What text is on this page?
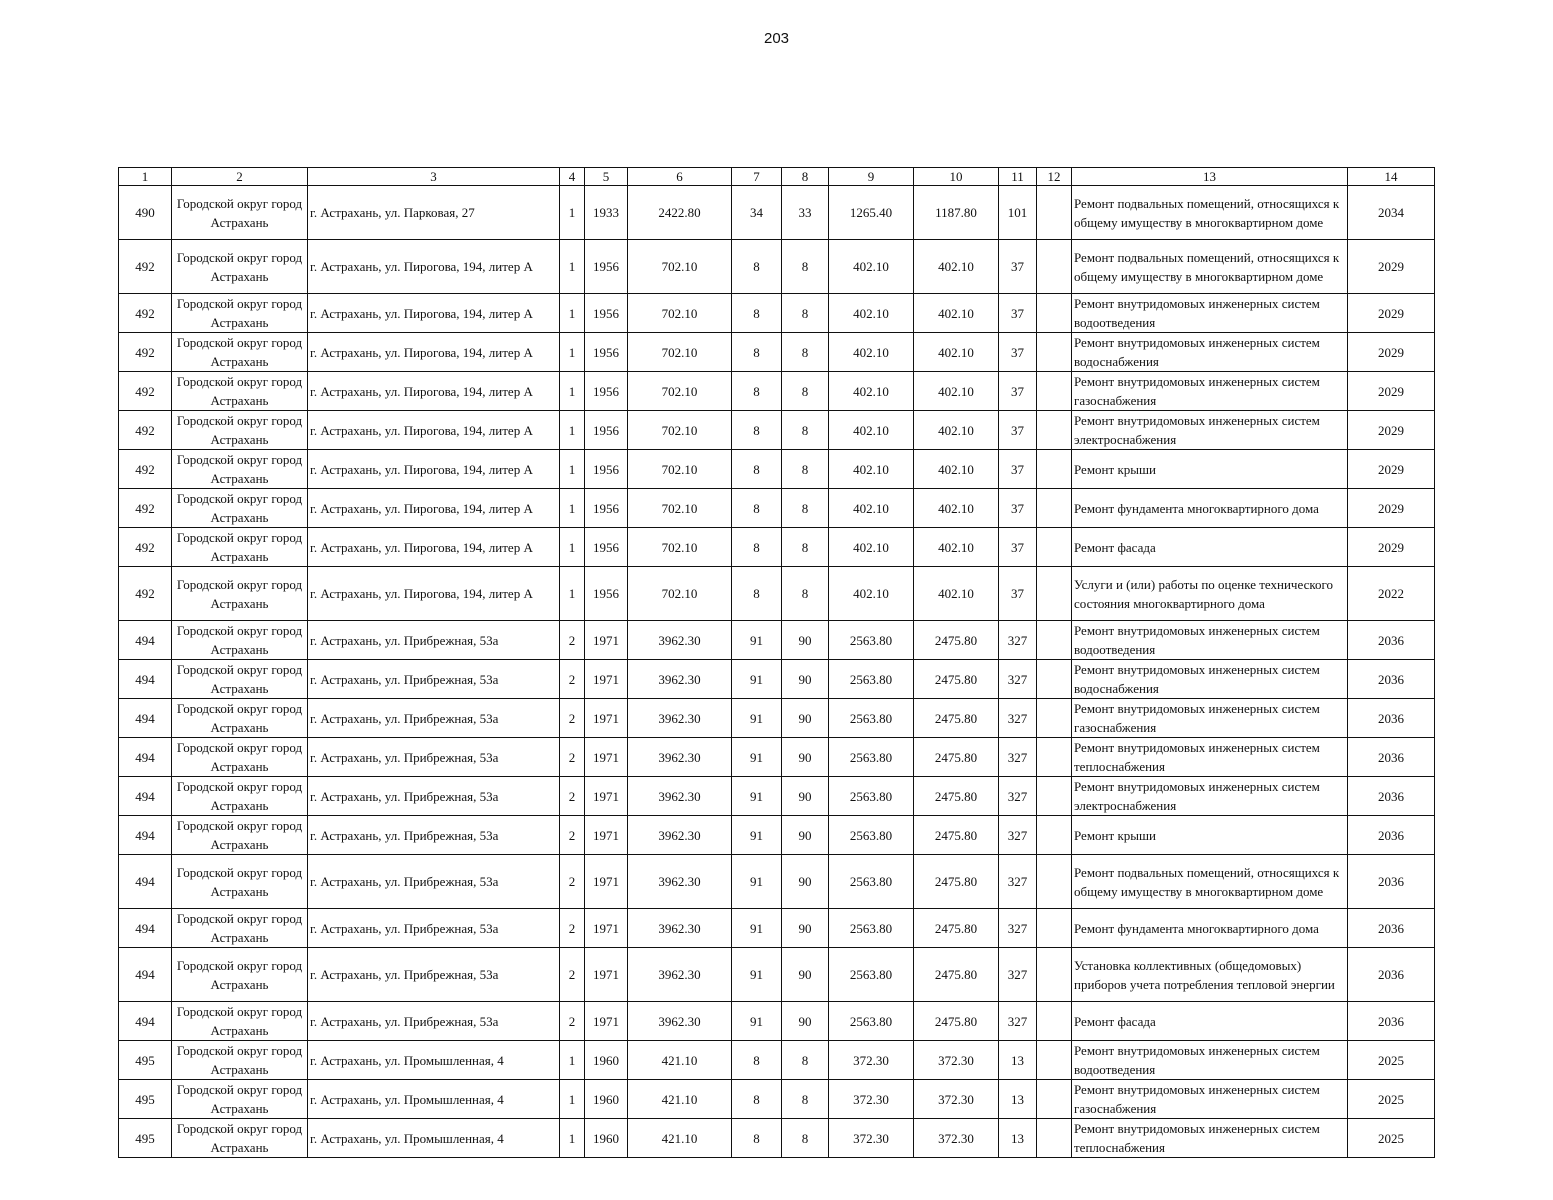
203
1	2	3	4	5	6	7	8	9	10	11	12	13	14
490	Городской округ город Астрахань	г. Астрахань, ул. Парковая, 27	1	1933	2422.80	34	33	1265.40	1187.80	101		Ремонт подвальных помещений, относящихся к общему имуществу в многоквартирном доме	2034
492	Городской округ город Астрахань	г. Астрахань, ул. Пирогова, 194, литер А	1	1956	702.10	8	8	402.10	402.10	37		Ремонт подвальных помещений, относящихся к общему имуществу в многоквартирном доме	2029
492	Городской округ город Астрахань	г. Астрахань, ул. Пирогова, 194, литер А	1	1956	702.10	8	8	402.10	402.10	37		Ремонт внутридомовых инженерных систем водоотведения	2029
492	Городской округ город Астрахань	г. Астрахань, ул. Пирогова, 194, литер А	1	1956	702.10	8	8	402.10	402.10	37		Ремонт внутридомовых инженерных систем водоснабжения	2029
492	Городской округ город Астрахань	г. Астрахань, ул. Пирогова, 194, литер А	1	1956	702.10	8	8	402.10	402.10	37		Ремонт внутридомовых инженерных систем газоснабжения	2029
492	Городской округ город Астрахань	г. Астрахань, ул. Пирогова, 194, литер А	1	1956	702.10	8	8	402.10	402.10	37		Ремонт внутридомовых инженерных систем электроснабжения	2029
492	Городской округ город Астрахань	г. Астрахань, ул. Пирогова, 194, литер А	1	1956	702.10	8	8	402.10	402.10	37		Ремонт крыши	2029
492	Городской округ город Астрахань	г. Астрахань, ул. Пирогова, 194, литер А	1	1956	702.10	8	8	402.10	402.10	37		Ремонт фундамента многоквартирного дома	2029
492	Городской округ город Астрахань	г. Астрахань, ул. Пирогова, 194, литер А	1	1956	702.10	8	8	402.10	402.10	37		Ремонт фасада	2029
492	Городской округ город Астрахань	г. Астрахань, ул. Пирогова, 194, литер А	1	1956	702.10	8	8	402.10	402.10	37		Услуги и (или) работы по оценке технического состояния многоквартирного дома	2022
494	Городской округ город Астрахань	г. Астрахань, ул. Прибрежная, 53а	2	1971	3962.30	91	90	2563.80	2475.80	327		Ремонт внутридомовых инженерных систем водоотведения	2036
494	Городской округ город Астрахань	г. Астрахань, ул. Прибрежная, 53а	2	1971	3962.30	91	90	2563.80	2475.80	327		Ремонт внутридомовых инженерных систем водоснабжения	2036
494	Городской округ город Астрахань	г. Астрахань, ул. Прибрежная, 53а	2	1971	3962.30	91	90	2563.80	2475.80	327		Ремонт внутридомовых инженерных систем газоснабжения	2036
494	Городской округ город Астрахань	г. Астрахань, ул. Прибрежная, 53а	2	1971	3962.30	91	90	2563.80	2475.80	327		Ремонт внутридомовых инженерных систем теплоснабжения	2036
494	Городской округ город Астрахань	г. Астрахань, ул. Прибрежная, 53а	2	1971	3962.30	91	90	2563.80	2475.80	327		Ремонт внутридомовых инженерных систем электроснабжения	2036
494	Городской округ город Астрахань	г. Астрахань, ул. Прибрежная, 53а	2	1971	3962.30	91	90	2563.80	2475.80	327		Ремонт крыши	2036
494	Городской округ город Астрахань	г. Астрахань, ул. Прибрежная, 53а	2	1971	3962.30	91	90	2563.80	2475.80	327		Ремонт подвальных помещений, относящихся к общему имуществу в многоквартирном доме	2036
494	Городской округ город Астрахань	г. Астрахань, ул. Прибрежная, 53а	2	1971	3962.30	91	90	2563.80	2475.80	327		Ремонт фундамента многоквартирного дома	2036
494	Городской округ город Астрахань	г. Астрахань, ул. Прибрежная, 53а	2	1971	3962.30	91	90	2563.80	2475.80	327		Установка коллективных (общедомовых) приборов учета потребления тепловой энергии	2036
494	Городской округ город Астрахань	г. Астрахань, ул. Прибрежная, 53а	2	1971	3962.30	91	90	2563.80	2475.80	327		Ремонт фасада	2036
495	Городской округ город Астрахань	г. Астрахань, ул. Промышленная, 4	1	1960	421.10	8	8	372.30	372.30	13		Ремонт внутридомовых инженерных систем водоотведения	2025
495	Городской округ город Астрахань	г. Астрахань, ул. Промышленная, 4	1	1960	421.10	8	8	372.30	372.30	13		Ремонт внутридомовых инженерных систем газоснабжения	2025
495	Городской округ город Астрахань	г. Астрахань, ул. Промышленная, 4	1	1960	421.10	8	8	372.30	372.30	13		Ремонт внутридомовых инженерных систем теплоснабжения	2025
